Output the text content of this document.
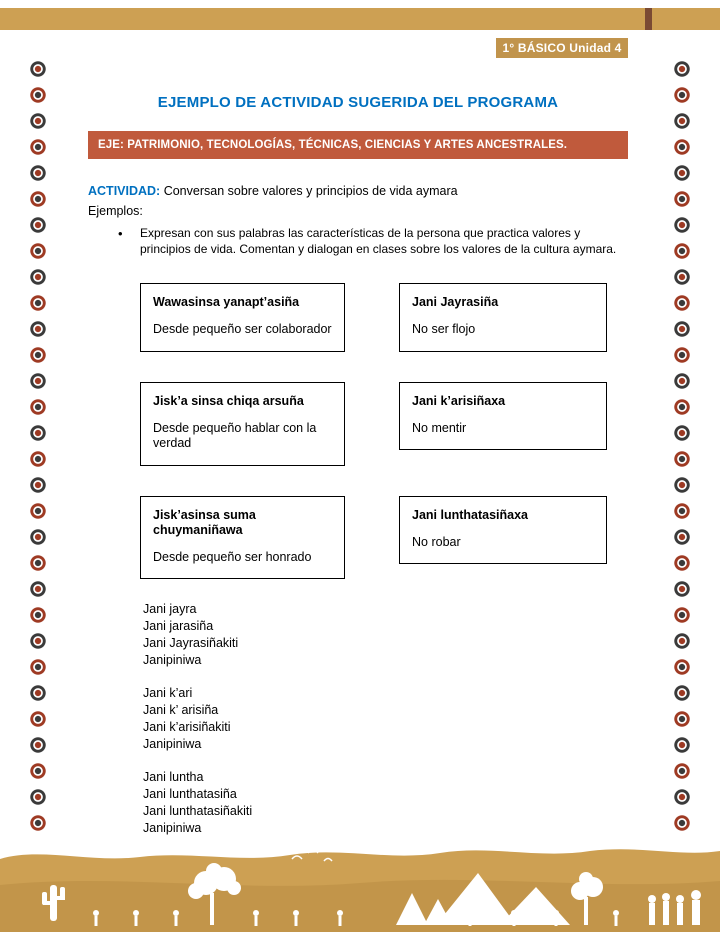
1° BÁSICO Unidad 4
EJEMPLO DE ACTIVIDAD SUGERIDA DEL PROGRAMA
EJE: PATRIMONIO, TECNOLOGÍAS, TÉCNICAS, CIENCIAS Y ARTES ANCESTRALES.

ACTIVIDAD: Conversan sobre valores y principios de vida aymara

Ejemplos:

•
Expresan con sus palabras las características de la persona que practica valores y principios de vida. Comentan y dialogan en clases sobre los valores de la cultura aymara.
Wawasinsa yanapt’asiña
Desde pequeño ser colaborador
Jani Jayrasiña
No ser flojo
Jisk’a sinsa chiqa arsuña
Desde pequeño hablar con la verdad
Jani k’arisiñaxa
No mentir
Jisk’asinsa suma chuymaniñawa
Desde pequeño ser honrado
Jani lunthatasiñaxa
No robar
Jani jayra
Jani jarasiña
Jani Jayrasiñakiti
Janipiniwa
Jani k’ari
Jani k’ arisiña
Jani k’arisiñakiti
Janipiniwa
Jani luntha
Jani lunthatasiña
Jani lunthatasiñakiti
Janipiniwa
